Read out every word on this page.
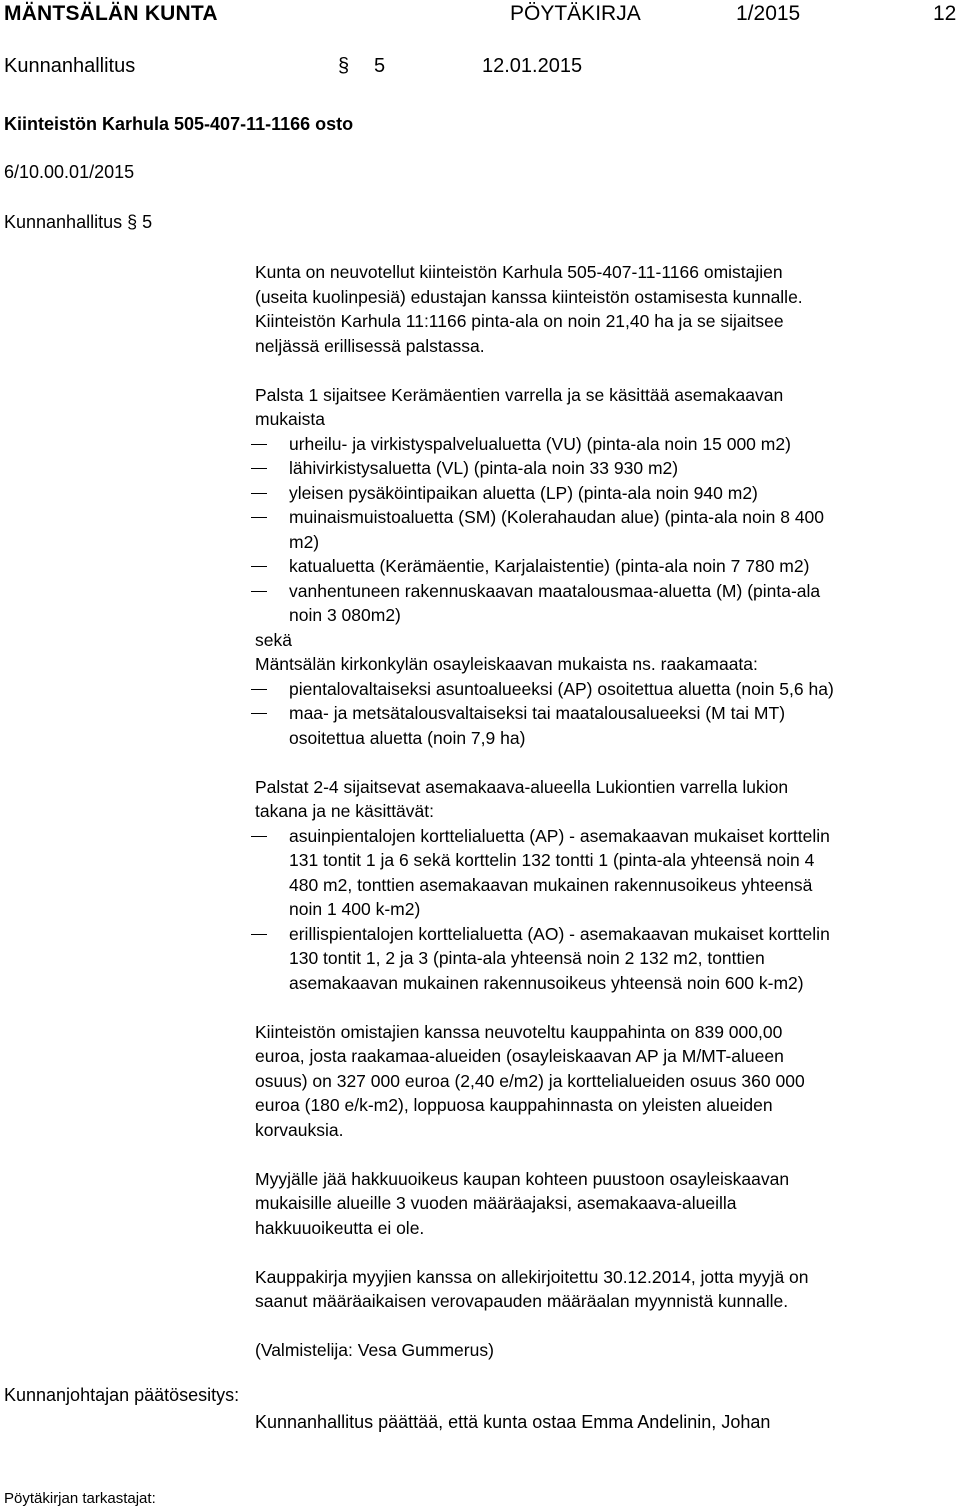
MÄNTSÄLÄN KUNTA	PÖYTÄKIRJA	1/2015	12
Kunnanhallitus	§ 5	12.01.2015
Kiinteistön Karhula 505-407-11-1166 osto
6/10.00.01/2015
Kunnanhallitus § 5

Kunta on neuvotellut kiinteistön Karhula 505-407-11-1166 omistajien

(useita kuolinpesiä) edustajan kanssa kiinteistön ostamisesta kunnalle.

Kiinteistön Karhula 11:1166 pinta-ala on noin 21,40 ha ja se sijaitsee

neljässä erillisessä palstassa.

Palsta 1 sijaitsee Kerämäentien varrella ja se käsittää asemakaavan

mukaista

urheilu- ja virkistyspalvelualuetta (VU) (pinta-ala noin 15 000 m2)

lähivirkistysaluetta (VL) (pinta-ala noin 33 930 m2)

yleisen pysäköintipaikan aluetta (LP) (pinta-ala noin 940 m2)

muinaismuistoaluetta (SM) (Kolerahaudan alue) (pinta-ala noin 8 400

m2)

katualuetta (Kerämäentie, Karjalaistentie) (pinta-ala noin 7 780 m2)

vanhentuneen rakennuskaavan maatalousmaa-aluetta (M) (pinta-ala

noin 3 080m2)

sekä

Mäntsälän kirkonkylän osayleiskaavan mukaista ns. raakamaata:

pientalovaltaiseksi asuntoalueeksi (AP) osoitettua aluetta (noin 5,6 ha)

maa- ja metsätalousvaltaiseksi tai maatalousalueeksi (M tai MT)

osoitettua aluetta (noin 7,9 ha)

Palstat 2-4 sijaitsevat asemakaava-alueella Lukiontien varrella lukion

takana ja ne käsittävät:

asuinpientalojen korttelialuetta (AP) - asemakaavan mukaiset korttelin

131 tontit 1 ja 6 sekä korttelin 132 tontti 1 (pinta-ala yhteensä noin 4

480 m2, tonttien asemakaavan mukainen rakennusoikeus yhteensä

noin 1 400 k-m2)

erillispientalojen korttelialuetta (AO) - asemakaavan mukaiset korttelin

130 tontit 1, 2 ja 3 (pinta-ala yhteensä noin 2 132 m2, tonttien

asemakaavan mukainen rakennusoikeus yhteensä noin 600 k-m2)

Kiinteistön omistajien kanssa neuvoteltu kauppahinta on 839 000,00

euroa, josta raakamaa-alueiden (osayleiskaavan AP ja M/MT-alueen

osuus) on 327 000 euroa (2,40 e/m2) ja korttelialueiden osuus 360 000

euroa (180 e/k-m2), loppuosa kauppahinnasta on yleisten alueiden

korvauksia.

Myyjälle jää hakkuuoikeus kaupan kohteen puustoon osayleiskaavan

mukaisille alueille 3 vuoden määräajaksi, asemakaava-alueilla

hakkuuoikeutta ei ole.

Kauppakirja myyjien kanssa on allekirjoitettu 30.12.2014, jotta myyjä on

saanut määräaikaisen verovapauden määräalan myynnistä kunnalle.

(Valmistelija: Vesa Gummerus)

Kunnanjohtajan päätösesitys:
Kunnanhallitus päättää, että kunta ostaa Emma Andelinin, Johan
Pöytäkirjan tarkastajat:
